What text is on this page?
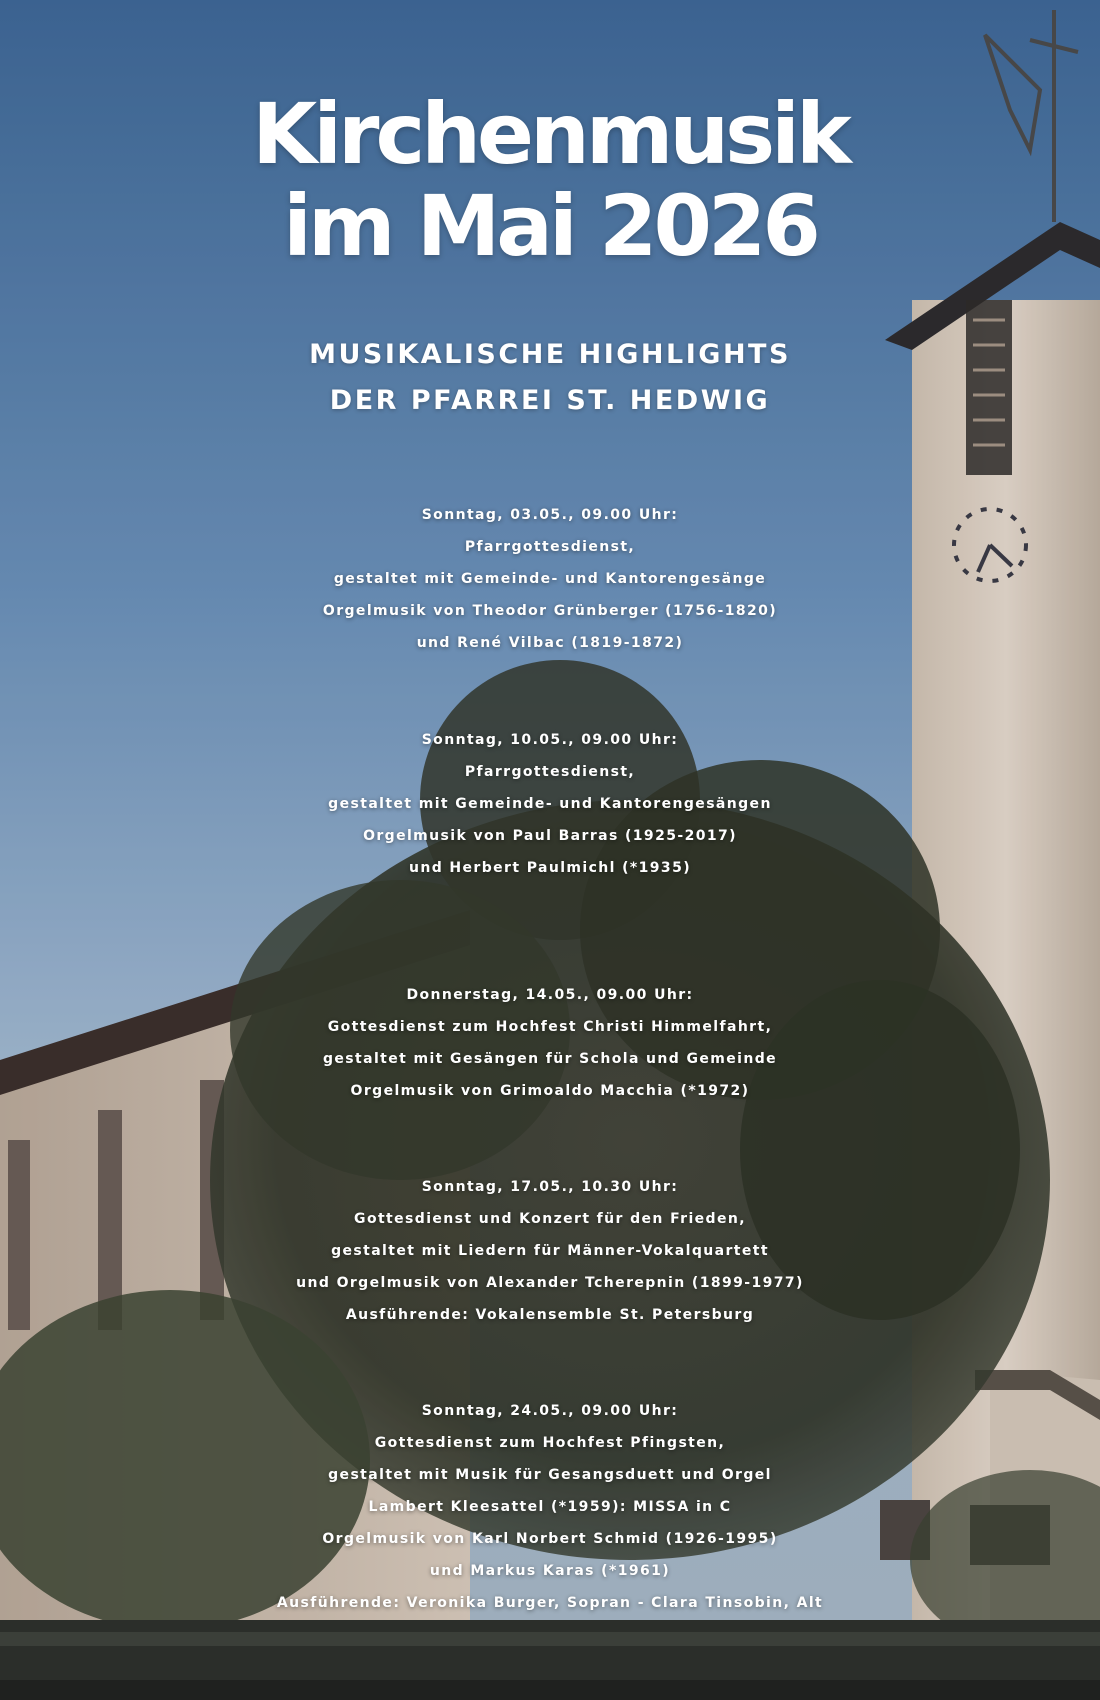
Kirchenmusik
im Mai 2026
MUSIKALISCHE HIGHLIGHTS
DER PFARREI ST. HEDWIG
Sonntag, 03.05., 09.00 Uhr:
Pfarrgottesdienst,
gestaltet mit Gemeinde- und Kantorengesänge
Orgelmusik von Theodor Grünberger (1756-1820)
und René Vilbac (1819-1872)
Sonntag, 10.05., 09.00 Uhr:
Pfarrgottesdienst,
gestaltet mit Gemeinde- und Kantorengesängen
Orgelmusik von Paul Barras (1925-2017)
und Herbert Paulmichl (*1935)
Donnerstag, 14.05., 09.00 Uhr:
Gottesdienst zum Hochfest Christi Himmelfahrt,
gestaltet mit Gesängen für Schola und Gemeinde
Orgelmusik von Grimoaldo Macchia (*1972)
Sonntag, 17.05., 10.30 Uhr:
Gottesdienst und Konzert für den Frieden,
gestaltet mit Liedern für Männer-Vokalquartett
und Orgelmusik von Alexander Tcherepnin (1899-1977)
Ausführende: Vokalensemble St. Petersburg
Sonntag, 24.05., 09.00 Uhr:
Gottesdienst zum Hochfest Pfingsten,
gestaltet mit Musik für Gesangsduett und Orgel
Lambert Kleesattel (*1959): MISSA in C
Orgelmusik von Karl Norbert Schmid (1926-1995)
und Markus Karas (*1961)
Ausführende: Veronika Burger, Sopran - Clara Tinsobin, Alt
